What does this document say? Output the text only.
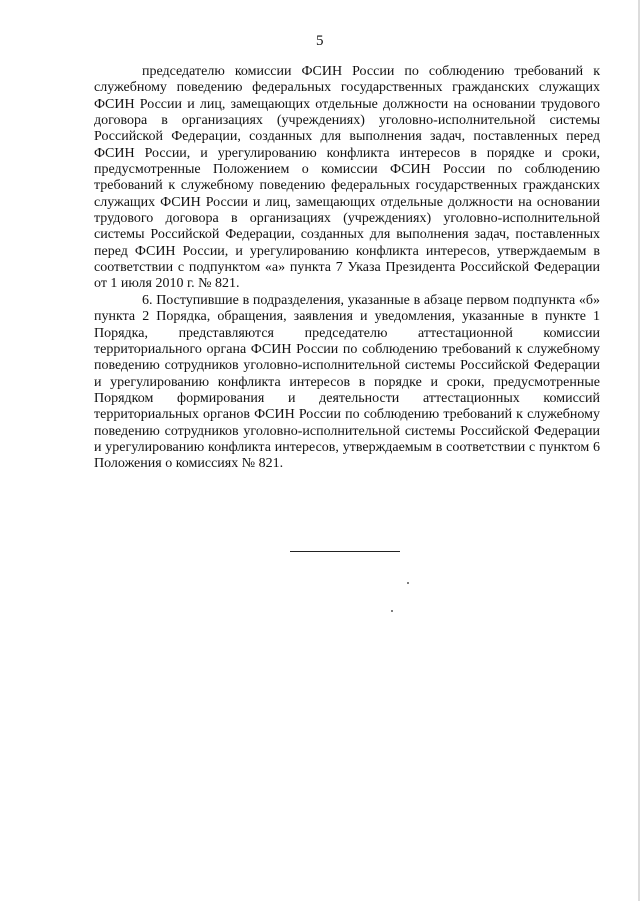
5

председателю комиссии ФСИН России по соблюдению требований к служебному поведению федеральных государственных гражданских служащих ФСИН России и лиц, замещающих отдельные должности на основании трудового договора в организациях (учреждениях) уголовно-исполнительной системы Российской Федерации, созданных для выполнения задач, поставленных перед ФСИН России, и урегулированию конфликта интересов в порядке и сроки, предусмотренные Положением о комиссии ФСИН России по соблюдению требований к служебному поведению федеральных государственных гражданских служащих ФСИН России и лиц, замещающих отдельные должности на основании трудового договора в организациях (учреждениях) уголовно-исполнительной системы Российской Федерации, созданных для выполнения задач, поставленных перед ФСИН России, и урегулированию конфликта интересов, утверждаемым в соответствии с подпунктом «а» пункта 7 Указа Президента Российской Федерации от 1 июля 2010 г. № 821.

6. Поступившие в подразделения, указанные в абзаце первом подпункта «б» пункта 2 Порядка, обращения, заявления и уведомления, указанные в пункте 1 Порядка, представляются председателю аттестационной комиссии территориального органа ФСИН России по соблюдению требований к служебному поведению сотрудников уголовно-исполнительной системы Российской Федерации и урегулированию конфликта интересов в порядке и сроки, предусмотренные Порядком формирования и деятельности аттестационных комиссий территориальных органов ФСИН России по соблюдению требований к служебному поведению сотрудников уголовно-исполнительной системы Российской Федерации и урегулированию конфликта интересов, утверждаемым в соответствии с пунктом 6 Положения о комиссиях № 821.
